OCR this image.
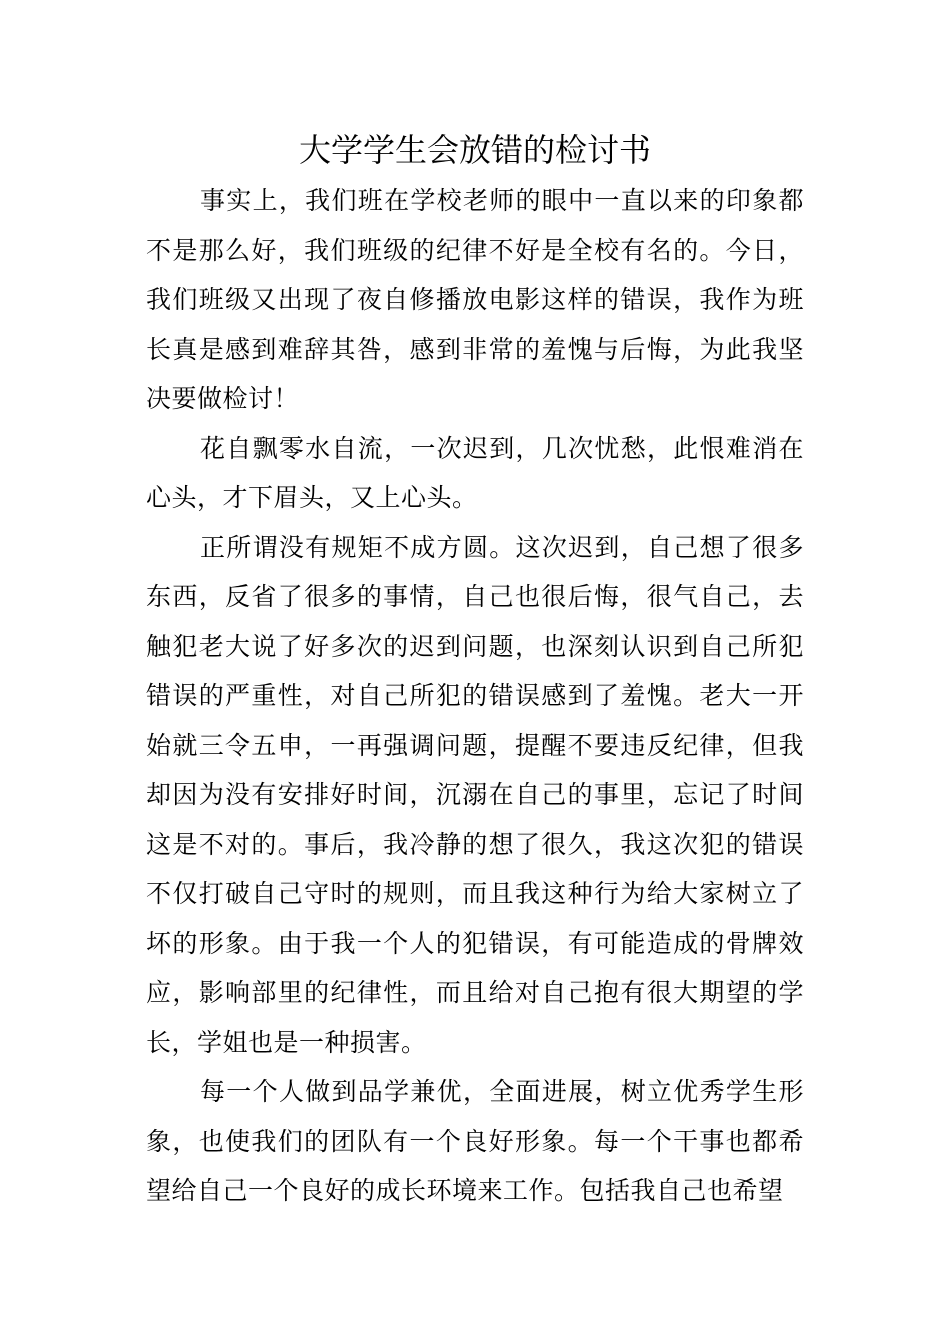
大学学生会放错的检讨书

事实上，我们班在学校老师的眼中一直以来的印象都不是那么好，我们班级的纪律不好是全校有名的。今日，我们班级又出现了夜自修播放电影这样的错误，我作为班长真是感到难辞其咎，感到非常的羞愧与后悔，为此我坚决要做检讨！

花自飘零水自流，一次迟到，几次忧愁，此恨难消在心头，才下眉头，又上心头。

正所谓没有规矩不成方圆。这次迟到，自己想了很多东西，反省了很多的事情，自己也很后悔，很气自己，去触犯老大说了好多次的迟到问题，也深刻认识到自己所犯错误的严重性，对自己所犯的错误感到了羞愧。老大一开始就三令五申，一再强调问题，提醒不要违反纪律，但我却因为没有安排好时间，沉溺在自己的事里，忘记了时间这是不对的。事后，我冷静的想了很久，我这次犯的错误不仅打破自己守时的规则，而且我这种行为给大家树立了坏的形象。由于我一个人的犯错误，有可能造成的骨牌效应，影响部里的纪律性，而且给对自己抱有很大期望的学长，学姐也是一种损害。

每一个人做到品学兼优，全面进展，树立优秀学生形象，也使我们的团队有一个良好形象。每一个干事也都希望给自己一个良好的成长环境来工作。包括我自己也希望
